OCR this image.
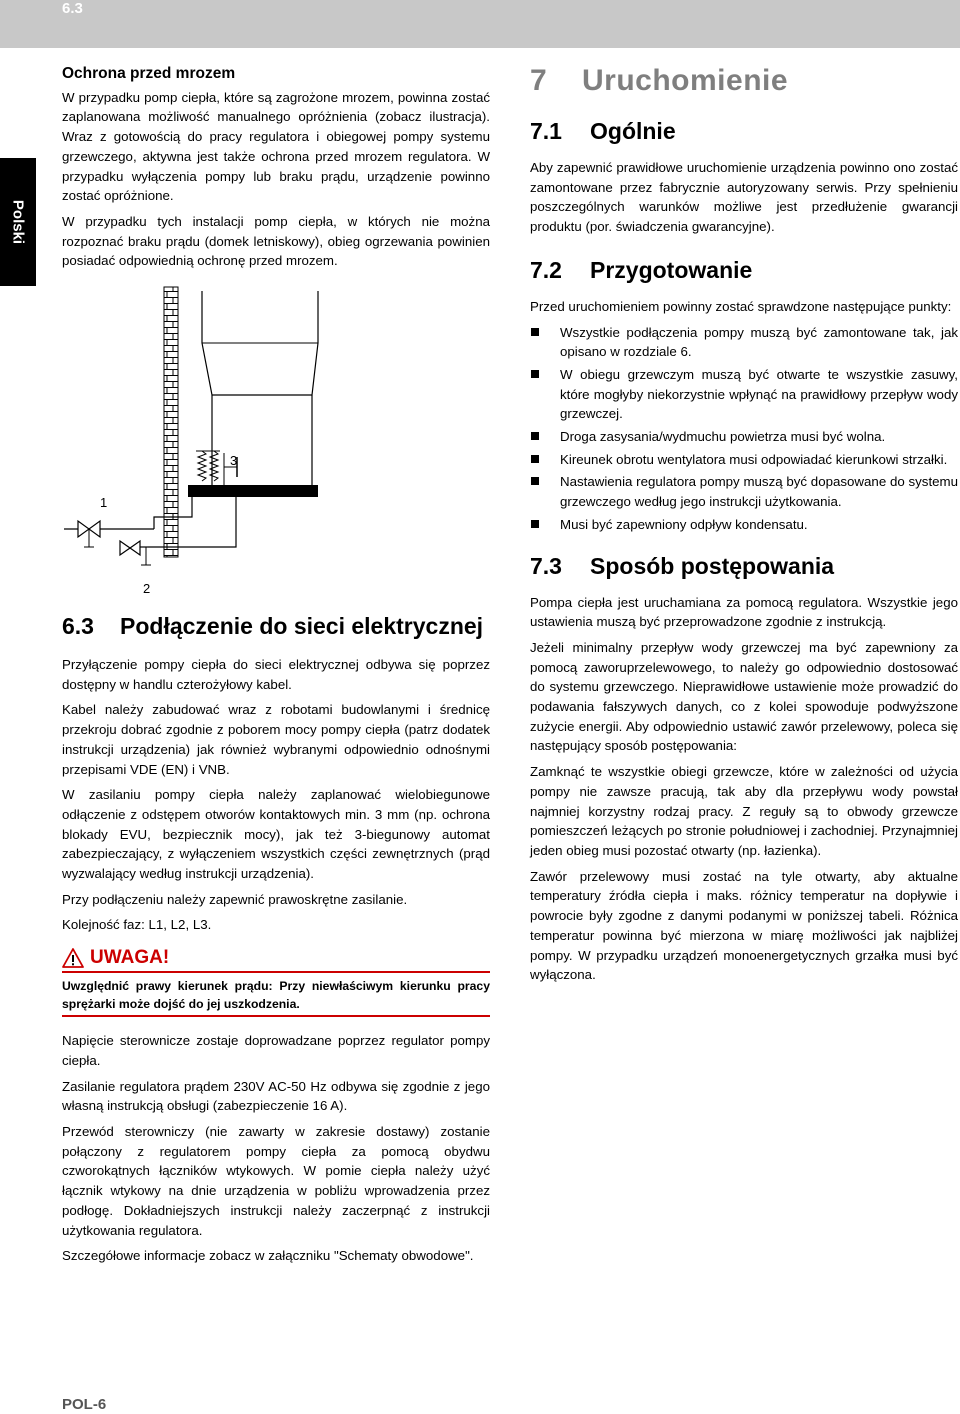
6.3
Polski
Ochrona przed mrozem

W przypadku pomp ciepła, które są zagrożone mrozem, powinna zostać zaplanowana możliwość manualnego opróżnienia (zobacz ilustracja). Wraz z gotowością do pracy regulatora i obiegowej pompy systemu grzewczego, aktywna jest także ochrona przed mrozem regulatora. W przypadku wyłączenia pompy lub braku prądu, urządzenie powinno zostać opróżnione.

W przypadku tych instalacji pomp ciepła, w których nie można rozpoznać braku prądu (domek letniskowy), obieg ogrzewania powinien posiadać odpowiednią ochronę przed mrozem.

3
1
2
6.3	Podłączenie do sieci elektrycznej

Przyłączenie pompy ciepła do sieci elektrycznej odbywa się poprzez dostępny w handlu czterożyłowy kabel.

Kabel należy zabudować wraz z robotami budowlanymi i średnicę przekroju dobrać zgodnie z poborem mocy pompy ciepła (patrz dodatek instrukcji urządzenia) jak również wybranymi odpowiednio odnośnymi przepisami VDE (EN) i VNB.

W zasilaniu pompy ciepła należy zaplanować wielobiegunowe odłączenie z odstępem otworów kontaktowych min. 3 mm (np. ochrona blokady EVU, bezpiecznik mocy), jak też 3-biegunowy automat zabezpieczający, z wyłączeniem wszystkich części zewnętrznych (prąd wyzwalający według instrukcji urządzenia).

Przy podłączeniu należy zapewnić prawoskrętne zasilanie.

Kolejność faz: L1, L2, L3.

UWAGA!
Uwzględnić prawy kierunek prądu: Przy niewłaściwym kierunku pracy sprężarki może dojść do jej uszkodzenia.

Napięcie sterownicze zostaje doprowadzane poprzez regulator pompy ciepła.

Zasilanie regulatora prądem 230V AC-50 Hz odbywa się zgodnie z jego własną instrukcją obsługi (zabezpieczenie 16 A).

Przewód sterowniczy (nie zawarty w zakresie dostawy) zostanie połączony z regulatorem pompy ciepła za pomocą obydwu czworokątnych łączników wtykowych. W pomie ciepła należy użyć łącznik wtykowy na dnie urządzenia w pobliżu wprowadzenia przez podłogę. Dokładniejszych instrukcji należy zaczerpnąć z instrukcji użytkowania regulatora.

Szczegółowe informacje zobacz w załączniku "Schematy obwodowe".

7	Uruchomienie
7.1	Ogólnie

Aby zapewnić prawidłowe uruchomienie urządzenia powinno ono zostać zamontowane przez fabrycznie autoryzowany serwis. Przy spełnieniu poszczególnych warunków możliwe jest przedłużenie gwarancji produktu (por. świadczenia gwarancyjne).

7.2	Przygotowanie

Przed uruchomieniem powinny zostać sprawdzone następujące punkty:

Wszystkie podłączenia pompy muszą być zamontowane tak, jak opisano w rozdziale 6.
W obiegu grzewczym muszą być otwarte te wszystkie zasuwy, które mogłyby niekorzystnie wpłynąć na prawidłowy przepływ wody grzewczej.
Droga zasysania/wydmuchu powietrza musi być wolna.
Kireunek obrotu wentylatora musi odpowiadać kierunkowi strzałki.
Nastawienia regulatora pompy muszą być dopasowane do systemu grzewczego według jego instrukcji użytkowania.
Musi być zapewniony odpływ kondensatu.
7.3	Sposób postępowania

Pompa ciepła jest uruchamiana za pomocą regulatora. Wszystkie jego ustawienia muszą być przeprowadzone zgodnie z instrukcją.

Jeżeli minimalny przepływ wody grzewczej ma być zapewniony za pomocą zaworuprzelewowego, to należy go odpowiednio dostosować do systemu grzewczego. Nieprawidłowe ustawienie może prowadzić do podawania fałszywych danych, co z kolei spowoduje podwyższone zużycie energii. Aby odpowiednio ustawić zawór przelewowy, poleca się następujący sposób postępowania:

Zamknąć te wszystkie obiegi grzewcze, które w zależności od użycia pompy nie zawsze pracują, tak aby dla przepływu wody powstał najmniej korzystny rodzaj pracy. Z reguły są to obwody grzewcze pomieszczeń leżących po stronie południowej i zachodniej. Przynajmniej jeden obieg musi pozostać otwarty (np. łazienka).

Zawór przelewowy musi zostać na tyle otwarty, aby aktualne temperatury źródła ciepła i maks. różnicy temperatur na dopływie i powrocie były zgodne z danymi podanymi w poniższej tabeli. Różnica temperatur powinna być mierzona w miarę możliwości jak najbliżej pompy. W przypadku urządzeń monoenergetycznych grzałka musi być wyłączona.

POL-6
